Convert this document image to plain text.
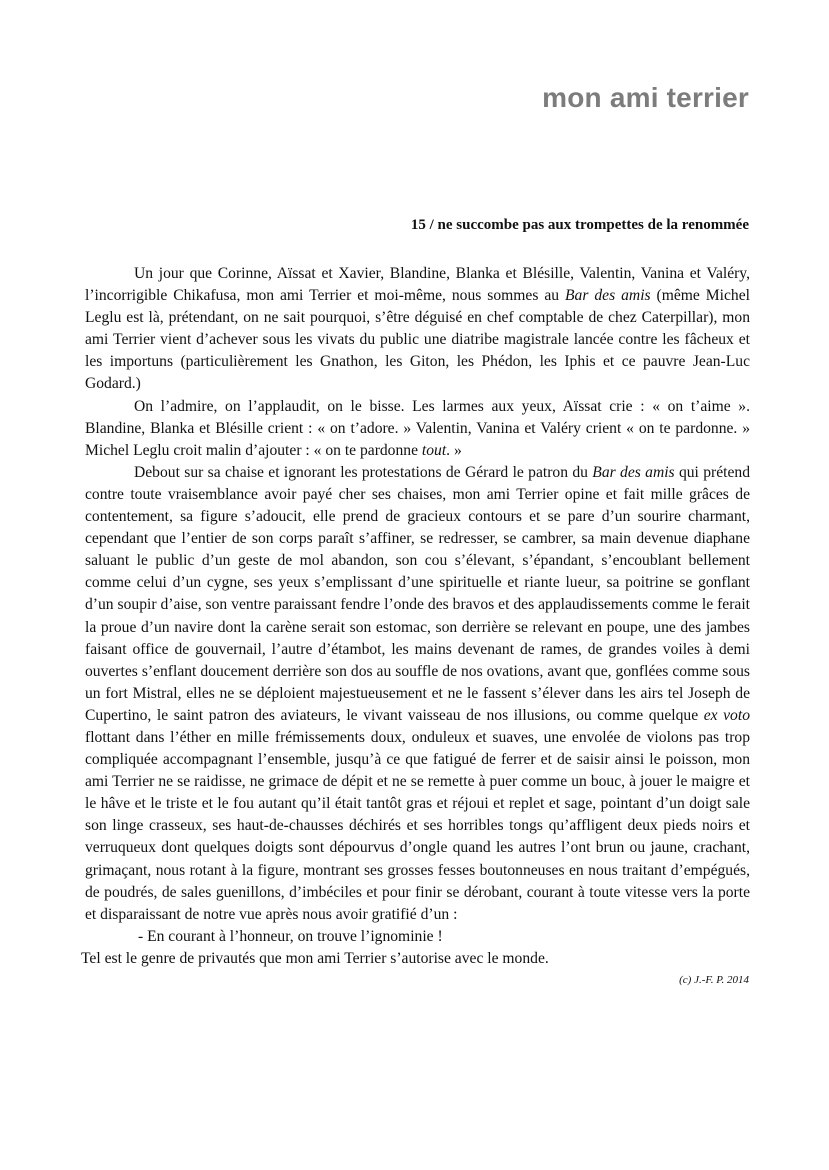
mon ami terrier
15 / ne succombe pas aux trompettes de la renommée

Un jour que Corinne, Aïssat et Xavier, Blandine, Blanka et Blésille, Valentin, Vanina et Valéry, l’incorrigible Chikafusa, mon ami Terrier et moi-même, nous sommes au Bar des amis (même Michel Leglu est là, prétendant, on ne sait pourquoi, s’être déguisé en chef comptable de chez Caterpillar), mon ami Terrier vient d’achever sous les vivats du public une diatribe magistrale lancée contre les fâcheux et les importuns (particulièrement les Gnathon, les Giton, les Phédon, les Iphis et ce pauvre Jean-Luc Godard.)

On l’admire, on l’applaudit, on le bisse. Les larmes aux yeux, Aïssat crie : « on t’aime ». Blandine, Blanka et Blésille crient : « on t’adore. » Valentin, Vanina et Valéry crient « on te pardonne. » Michel Leglu croit malin d’ajouter : « on te pardonne tout. »

Debout sur sa chaise et ignorant les protestations de Gérard le patron du Bar des amis qui prétend contre toute vraisemblance avoir payé cher ses chaises, mon ami Terrier opine et fait mille grâces de contentement, sa figure s’adoucit, elle prend de gracieux contours et se pare d’un sourire charmant, cependant que l’entier de son corps paraît s’affiner, se redresser, se cambrer, sa main devenue diaphane saluant le public d’un geste de mol abandon, son cou s’élevant, s’épandant, s’encoublant bellement comme celui d’un cygne, ses yeux s’emplissant d’une spirituelle et riante lueur, sa poitrine se gonflant d’un soupir d’aise, son ventre paraissant fendre l’onde des bravos et des applaudissements comme le ferait la proue d’un navire dont la carène serait son estomac, son derrière se relevant en poupe, une des jambes faisant office de gouvernail, l’autre d’étambot, les mains devenant de rames, de grandes voiles à demi ouvertes s’enflant doucement derrière son dos au souffle de nos ovations, avant que, gonflées comme sous un fort Mistral, elles ne se déploient majestueusement et ne le fassent s’élever dans les airs tel Joseph de Cupertino, le saint patron des aviateurs, le vivant vaisseau de nos illusions, ou comme quelque ex voto flottant dans l’éther en mille frémissements doux, onduleux et suaves, une envolée de violons pas trop compliquée accompagnant l’ensemble, jusqu’à ce que fatigué de ferrer et de saisir ainsi le poisson, mon ami Terrier ne se raidisse, ne grimace de dépit et ne se remette à puer comme un bouc, à jouer le maigre et le hâve et le triste et le fou autant qu’il était tantôt gras et réjoui et replet et sage, pointant d’un doigt sale son linge crasseux, ses haut-de-chausses déchirés et ses horribles tongs qu’affligent deux pieds noirs et verruqueux dont quelques doigts sont dépourvus d’ongle quand les autres l’ont brun ou jaune, crachant, grimaçant, nous rotant à la figure, montrant ses grosses fesses boutonneuses en nous traitant d’empégués, de poudrés, de sales guenillons, d’imbéciles et pour finir se dérobant, courant à toute vitesse vers la porte et disparaissant de notre vue après nous avoir gratifié d’un :

- En courant à l’honneur, on trouve l’ignominie !

Tel est le genre de privautés que mon ami Terrier s’autorise avec le monde.
(c) J.-F. P. 2014
